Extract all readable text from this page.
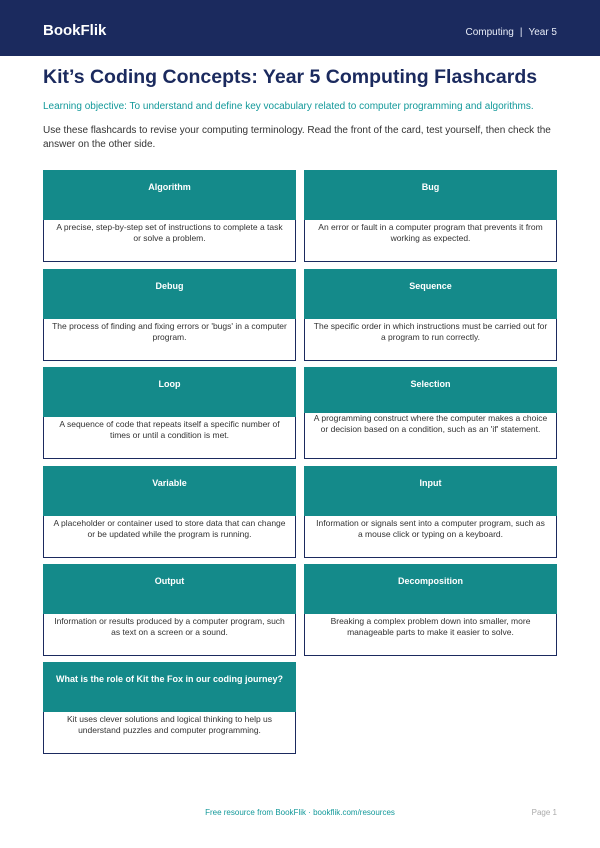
BookFlik	Computing | Year 5
Kit’s Coding Concepts: Year 5 Computing Flashcards

Learning objective: To understand and define key vocabulary related to computer programming and algorithms.

Use these flashcards to revise your computing terminology. Read the front of the card, test yourself, then check the answer on the other side.

Algorithm
A precise, step-by-step set of instructions to complete a task or solve a problem.
Bug
An error or fault in a computer program that prevents it from working as expected.
Debug
The process of finding and fixing errors or 'bugs' in a computer program.
Sequence
The specific order in which instructions must be carried out for a program to run correctly.
Loop
A sequence of code that repeats itself a specific number of times or until a condition is met.
Selection
A programming construct where the computer makes a choice or decision based on a condition, such as an 'if' statement.
Variable
A placeholder or container used to store data that can change or be updated while the program is running.
Input
Information or signals sent into a computer program, such as a mouse click or typing on a keyboard.
Output
Information or results produced by a computer program, such as text on a screen or a sound.
Decomposition
Breaking a complex problem down into smaller, more manageable parts to make it easier to solve.
What is the role of Kit the Fox in our coding journey?
Kit uses clever solutions and logical thinking to help us understand puzzles and computer programming.
Free resource from BookFlik · bookflik.com/resources	Page 1
